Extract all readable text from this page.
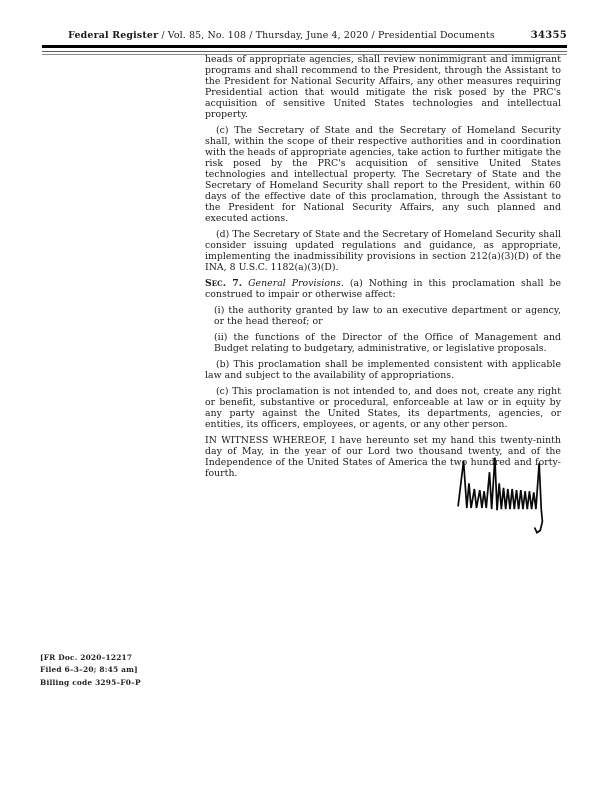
Federal Register / Vol. 85, No. 108 / Thursday, June 4, 2020 / Presidential Documents	34355

heads of appropriate agencies, shall review nonimmigrant and immigrant programs and shall recommend to the President, through the Assistant to the President for National Security Affairs, any other measures requiring Presidential action that would mitigate the risk posed by the PRC's acquisition of sensitive United States technologies and intellectual property.

(c) The Secretary of State and the Secretary of Homeland Security shall, within the scope of their respective authorities and in coordination with the heads of appropriate agencies, take action to further mitigate the risk posed by the PRC's acquisition of sensitive United States technologies and intellectual property. The Secretary of State and the Secretary of Homeland Security shall report to the President, within 60 days of the effective date of this proclamation, through the Assistant to the President for National Security Affairs, any such planned and executed actions.

(d) The Secretary of State and the Secretary of Homeland Security shall consider issuing updated regulations and guidance, as appropriate, implementing the inadmissibility provisions in section 212(a)(3)(D) of the INA, 8 U.S.C. 1182(a)(3)(D).

Sec. 7. General Provisions. (a) Nothing in this proclamation shall be construed to impair or otherwise affect:

(i) the authority granted by law to an executive department or agency, or the head thereof; or

(ii) the functions of the Director of the Office of Management and Budget relating to budgetary, administrative, or legislative proposals.

(b) This proclamation shall be implemented consistent with applicable law and subject to the availability of appropriations.

(c) This proclamation is not intended to, and does not, create any right or benefit, substantive or procedural, enforceable at law or in equity by any party against the United States, its departments, agencies, or entities, its officers, employees, or agents, or any other person.

IN WITNESS WHEREOF, I have hereunto set my hand this twenty-ninth day of May, in the year of our Lord two thousand twenty, and of the Independence of the United States of America the two hundred and forty-fourth.

[FR Doc. 2020–12217
Filed 6–3–20; 8:45 am]
Billing code 3295–F0–P
